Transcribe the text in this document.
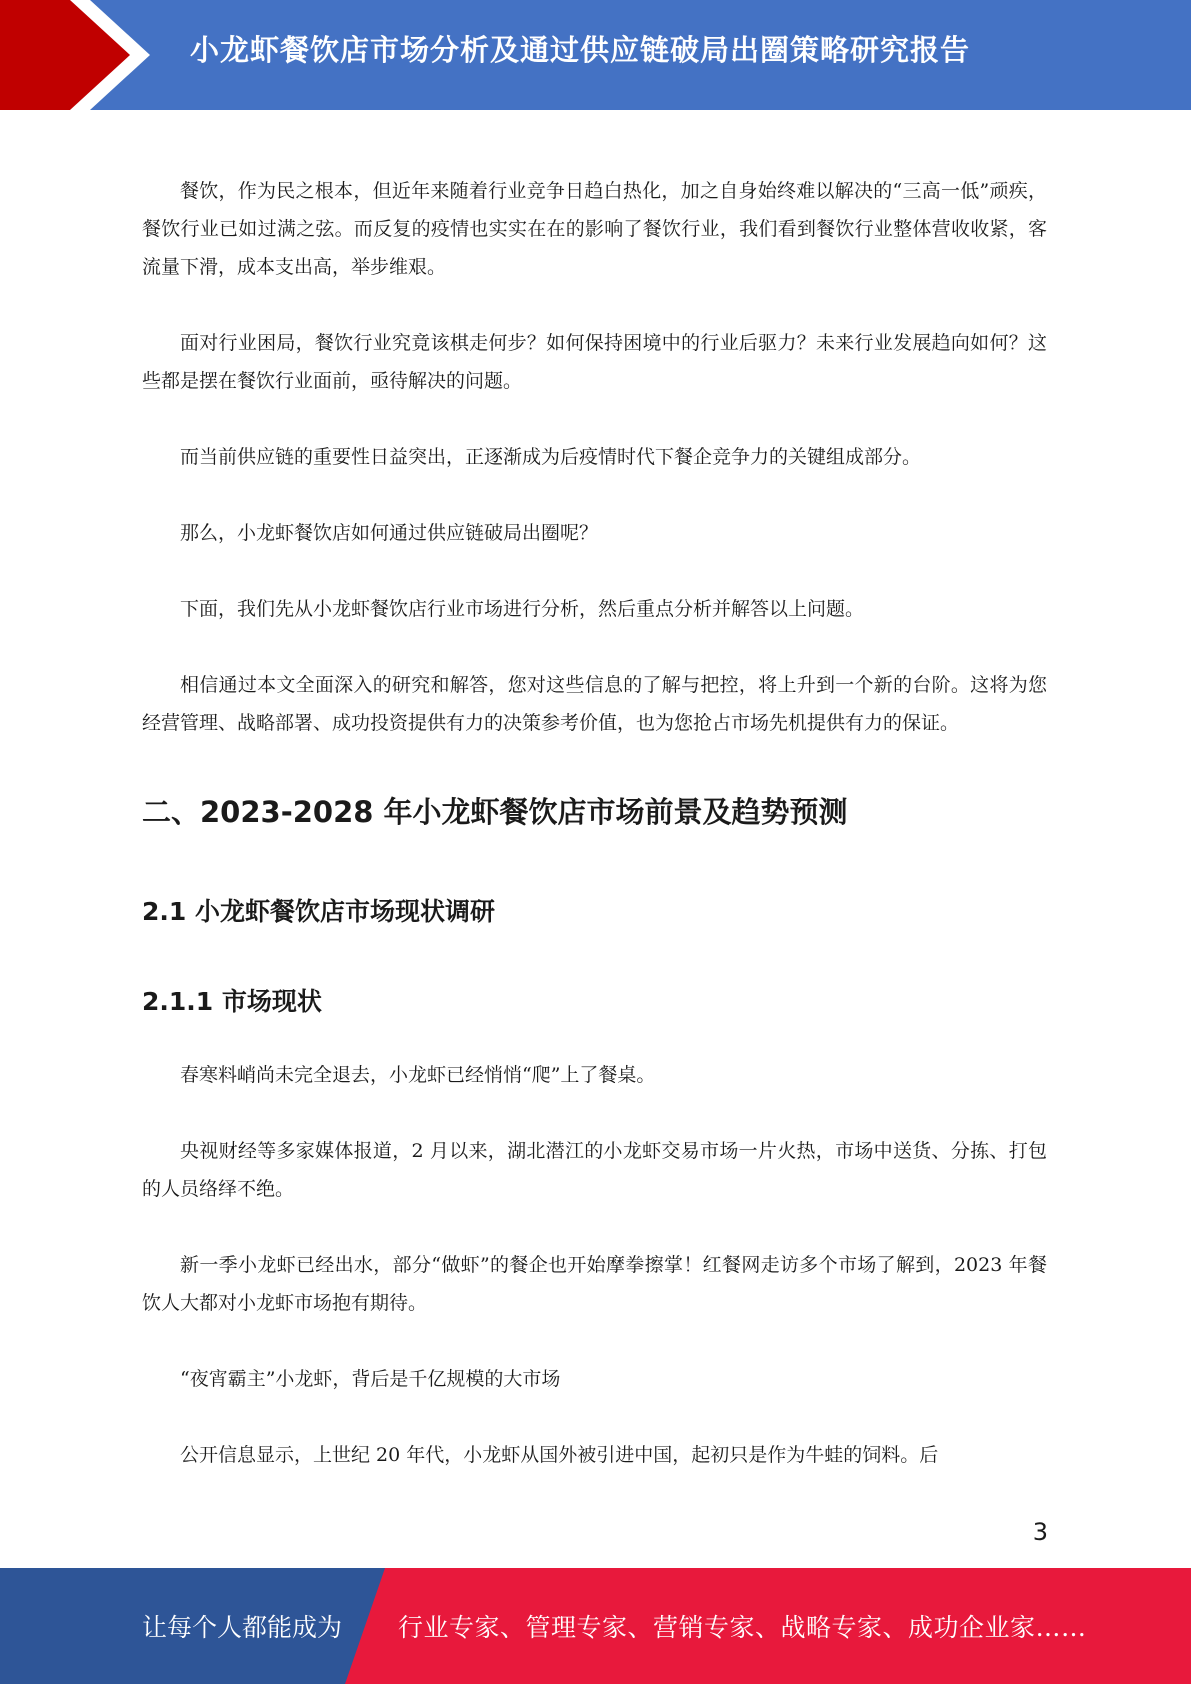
小龙虾餐饮店市场分析及通过供应链破局出圈策略研究报告

餐饮，作为民之根本，但近年来随着行业竞争日趋白热化，加之自身始终难以解决的“三高一低”顽疾，餐饮行业已如过满之弦。而反复的疫情也实实在在的影响了餐饮行业，我们看到餐饮行业整体营收收紧，客流量下滑，成本支出高，举步维艰。

面对行业困局，餐饮行业究竟该棋走何步？如何保持困境中的行业后驱力？未来行业发展趋向如何？这些都是摆在餐饮行业面前，亟待解决的问题。

而当前供应链的重要性日益突出，正逐渐成为后疫情时代下餐企竞争力的关键组成部分。

那么，小龙虾餐饮店如何通过供应链破局出圈呢？

下面，我们先从小龙虾餐饮店行业市场进行分析，然后重点分析并解答以上问题。

相信通过本文全面深入的研究和解答，您对这些信息的了解与把控，将上升到一个新的台阶。这将为您经营管理、战略部署、成功投资提供有力的决策参考价值，也为您抢占市场先机提供有力的保证。

二、2023-2028 年小龙虾餐饮店市场前景及趋势预测
2.1 小龙虾餐饮店市场现状调研
2.1.1 市场现状

春寒料峭尚未完全退去，小龙虾已经悄悄“爬”上了餐桌。

央视财经等多家媒体报道，2 月以来，湖北潜江的小龙虾交易市场一片火热，市场中送货、分拣、打包的人员络绎不绝。

新一季小龙虾已经出水，部分“做虾”的餐企也开始摩拳擦掌！红餐网走访多个市场了解到，2023 年餐饮人大都对小龙虾市场抱有期待。

“夜宵霸主”小龙虾，背后是千亿规模的大市场

公开信息显示，上世纪 20 年代，小龙虾从国外被引进中国，起初只是作为牛蛙的饲料。后

3
让每个人都能成为 行业专家、管理专家、营销专家、战略专家、成功企业家……
